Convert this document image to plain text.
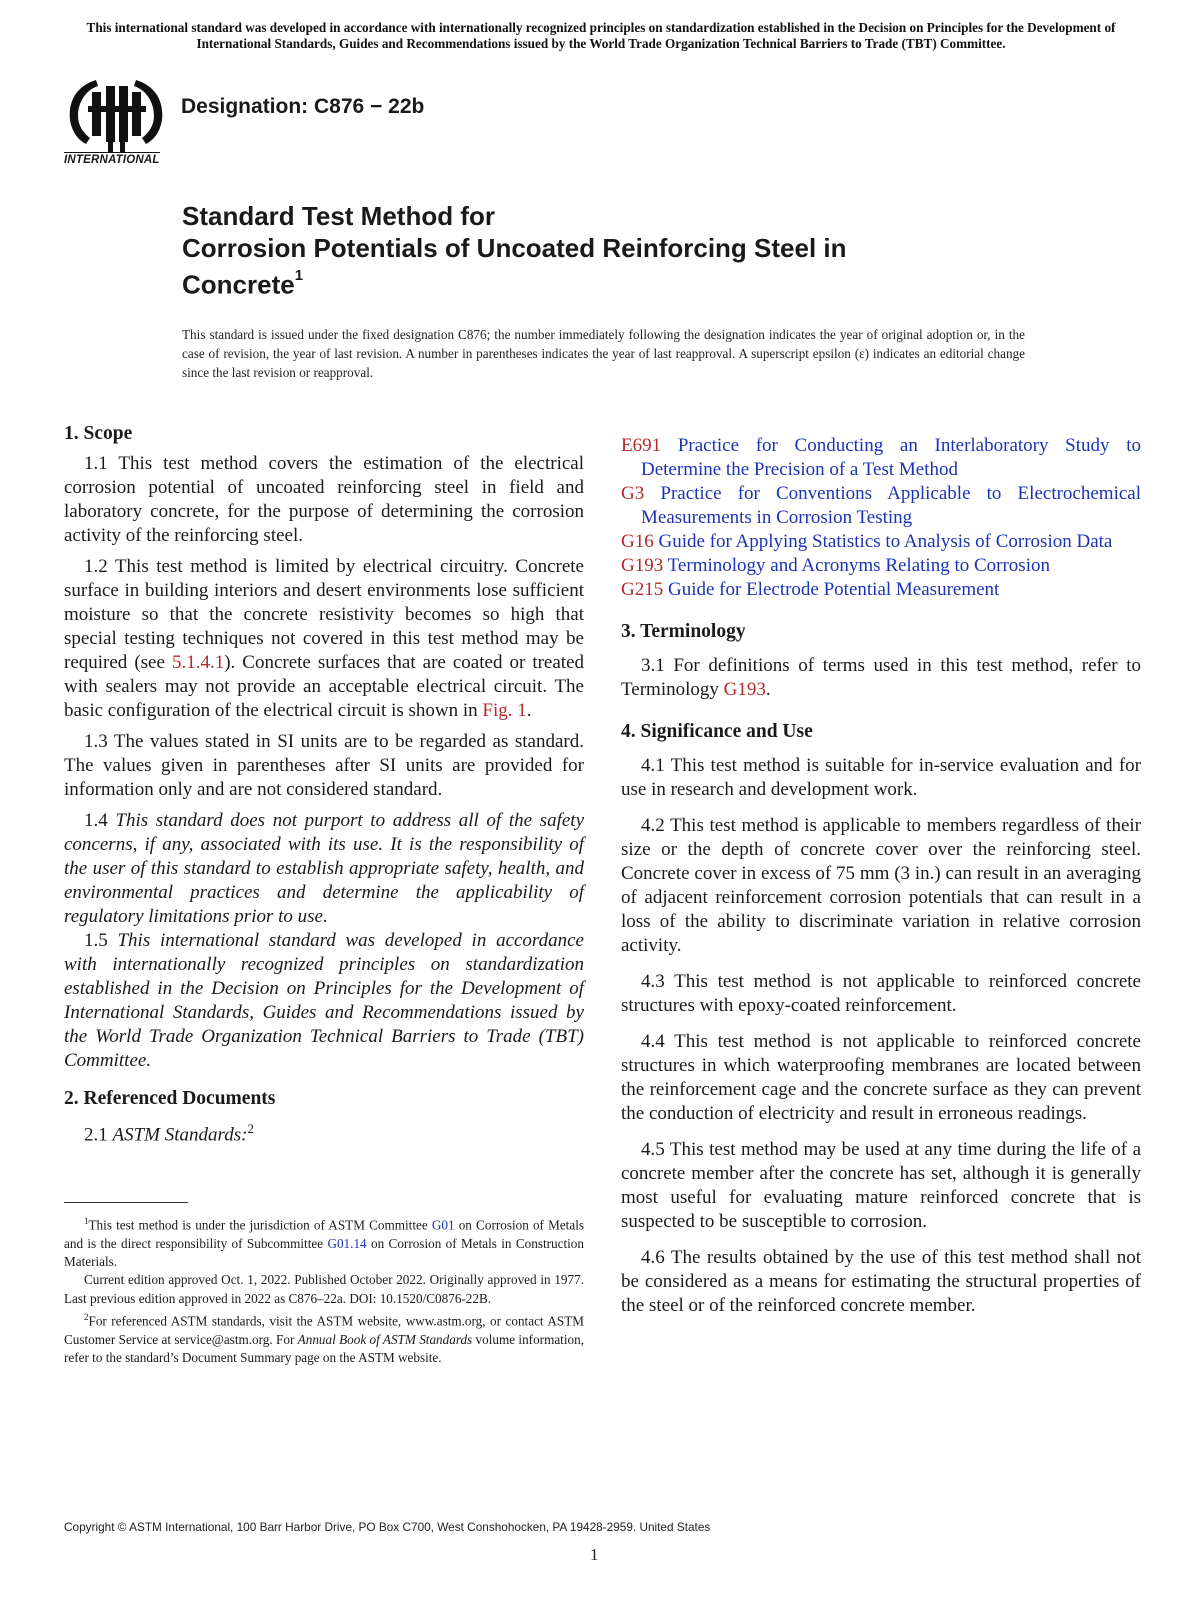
This international standard was developed in accordance with internationally recognized principles on standardization established in the Decision on Principles for the Development of International Standards, Guides and Recommendations issued by the World Trade Organization Technical Barriers to Trade (TBT) Committee.
INTERNATIONAL
Designation: C876 − 22b
Standard Test Method for
Corrosion Potentials of Uncoated Reinforcing Steel in
Concrete$^1$
This standard is issued under the fixed designation C876; the number immediately following the designation indicates the year of original adoption or, in the case of revision, the year of last revision. A number in parentheses indicates the year of last reapproval. A superscript epsilon (ε) indicates an editorial change since the last revision or reapproval.
1. Scope

1.1 This test method covers the estimation of the electrical corrosion potential of uncoated reinforcing steel in field and laboratory concrete, for the purpose of determining the corrosion activity of the reinforcing steel.

1.2 This test method is limited by electrical circuitry. Concrete surface in building interiors and desert environments lose sufficient moisture so that the concrete resistivity becomes so high that special testing techniques not covered in this test method may be required (see 5.1.4.1). Concrete surfaces that are coated or treated with sealers may not provide an acceptable electrical circuit. The basic configuration of the electrical circuit is shown in Fig. 1.

1.3 The values stated in SI units are to be regarded as standard. The values given in parentheses after SI units are provided for information only and are not considered standard.

1.4 This standard does not purport to address all of the safety concerns, if any, associated with its use. It is the responsibility of the user of this standard to establish appropriate safety, health, and environmental practices and determine the applicability of regulatory limitations prior to use.

1.5 This international standard was developed in accordance with internationally recognized principles on standardization established in the Decision on Principles for the Development of International Standards, Guides and Recommendations issued by the World Trade Organization Technical Barriers to Trade (TBT) Committee.

2. Referenced Documents

2.1 ASTM Standards:$^2$

$^1$This test method is under the jurisdiction of ASTM Committee G01 on Corrosion of Metals and is the direct responsibility of Subcommittee G01.14 on Corrosion of Metals in Construction Materials.

Current edition approved Oct. 1, 2022. Published October 2022. Originally approved in 1977. Last previous edition approved in 2022 as C876–22a. DOI: 10.1520/C0876-22B.

$^2$For referenced ASTM standards, visit the ASTM website, www.astm.org, or contact ASTM Customer Service at service@astm.org. For Annual Book of ASTM Standards volume information, refer to the standard’s Document Summary page on the ASTM website.

E691 Practice for Conducting an Interlaboratory Study to Determine the Precision of a Test Method

G3 Practice for Conventions Applicable to Electrochemical Measurements in Corrosion Testing

G16 Guide for Applying Statistics to Analysis of Corrosion Data

G193 Terminology and Acronyms Relating to Corrosion

G215 Guide for Electrode Potential Measurement

3. Terminology

3.1 For definitions of terms used in this test method, refer to Terminology G193.

4. Significance and Use

4.1 This test method is suitable for in-service evaluation and for use in research and development work.

4.2 This test method is applicable to members regardless of their size or the depth of concrete cover over the reinforcing steel. Concrete cover in excess of 75 mm (3 in.) can result in an averaging of adjacent reinforcement corrosion potentials that can result in a loss of the ability to discriminate variation in relative corrosion activity.

4.3 This test method is not applicable to reinforced concrete structures with epoxy-coated reinforcement.

4.4 This test method is not applicable to reinforced concrete structures in which waterproofing membranes are located between the reinforcement cage and the concrete surface as they can prevent the conduction of electricity and result in erroneous readings.

4.5 This test method may be used at any time during the life of a concrete member after the concrete has set, although it is generally most useful for evaluating mature reinforced concrete that is suspected to be susceptible to corrosion.

4.6 The results obtained by the use of this test method shall not be considered as a means for estimating the structural properties of the steel or of the reinforced concrete member.

Copyright © ASTM International, 100 Barr Harbor Drive, PO Box C700, West Conshohocken, PA 19428-2959. United States
1
